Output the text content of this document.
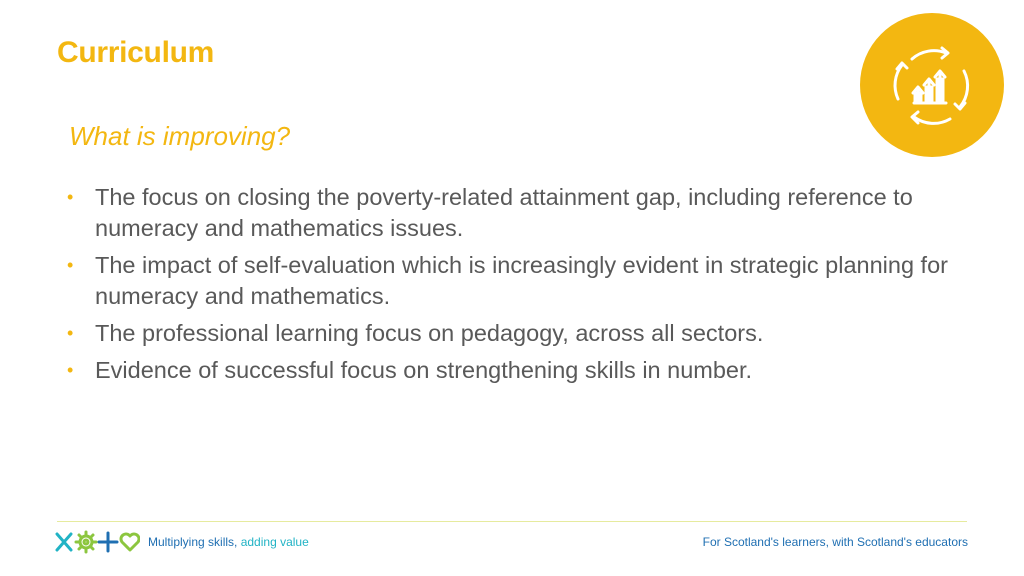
Curriculum
What is improving?
• The focus on closing the poverty-related attainment gap, including reference to numeracy and mathematics issues.
• The impact of self-evaluation which is increasingly evident in strategic planning for numeracy and mathematics.
• The professional learning focus on pedagogy, across all sectors.
• Evidence of successful focus on strengthening skills in number.
Multiplying skills, adding value	For Scotland's learners, with Scotland's educators
